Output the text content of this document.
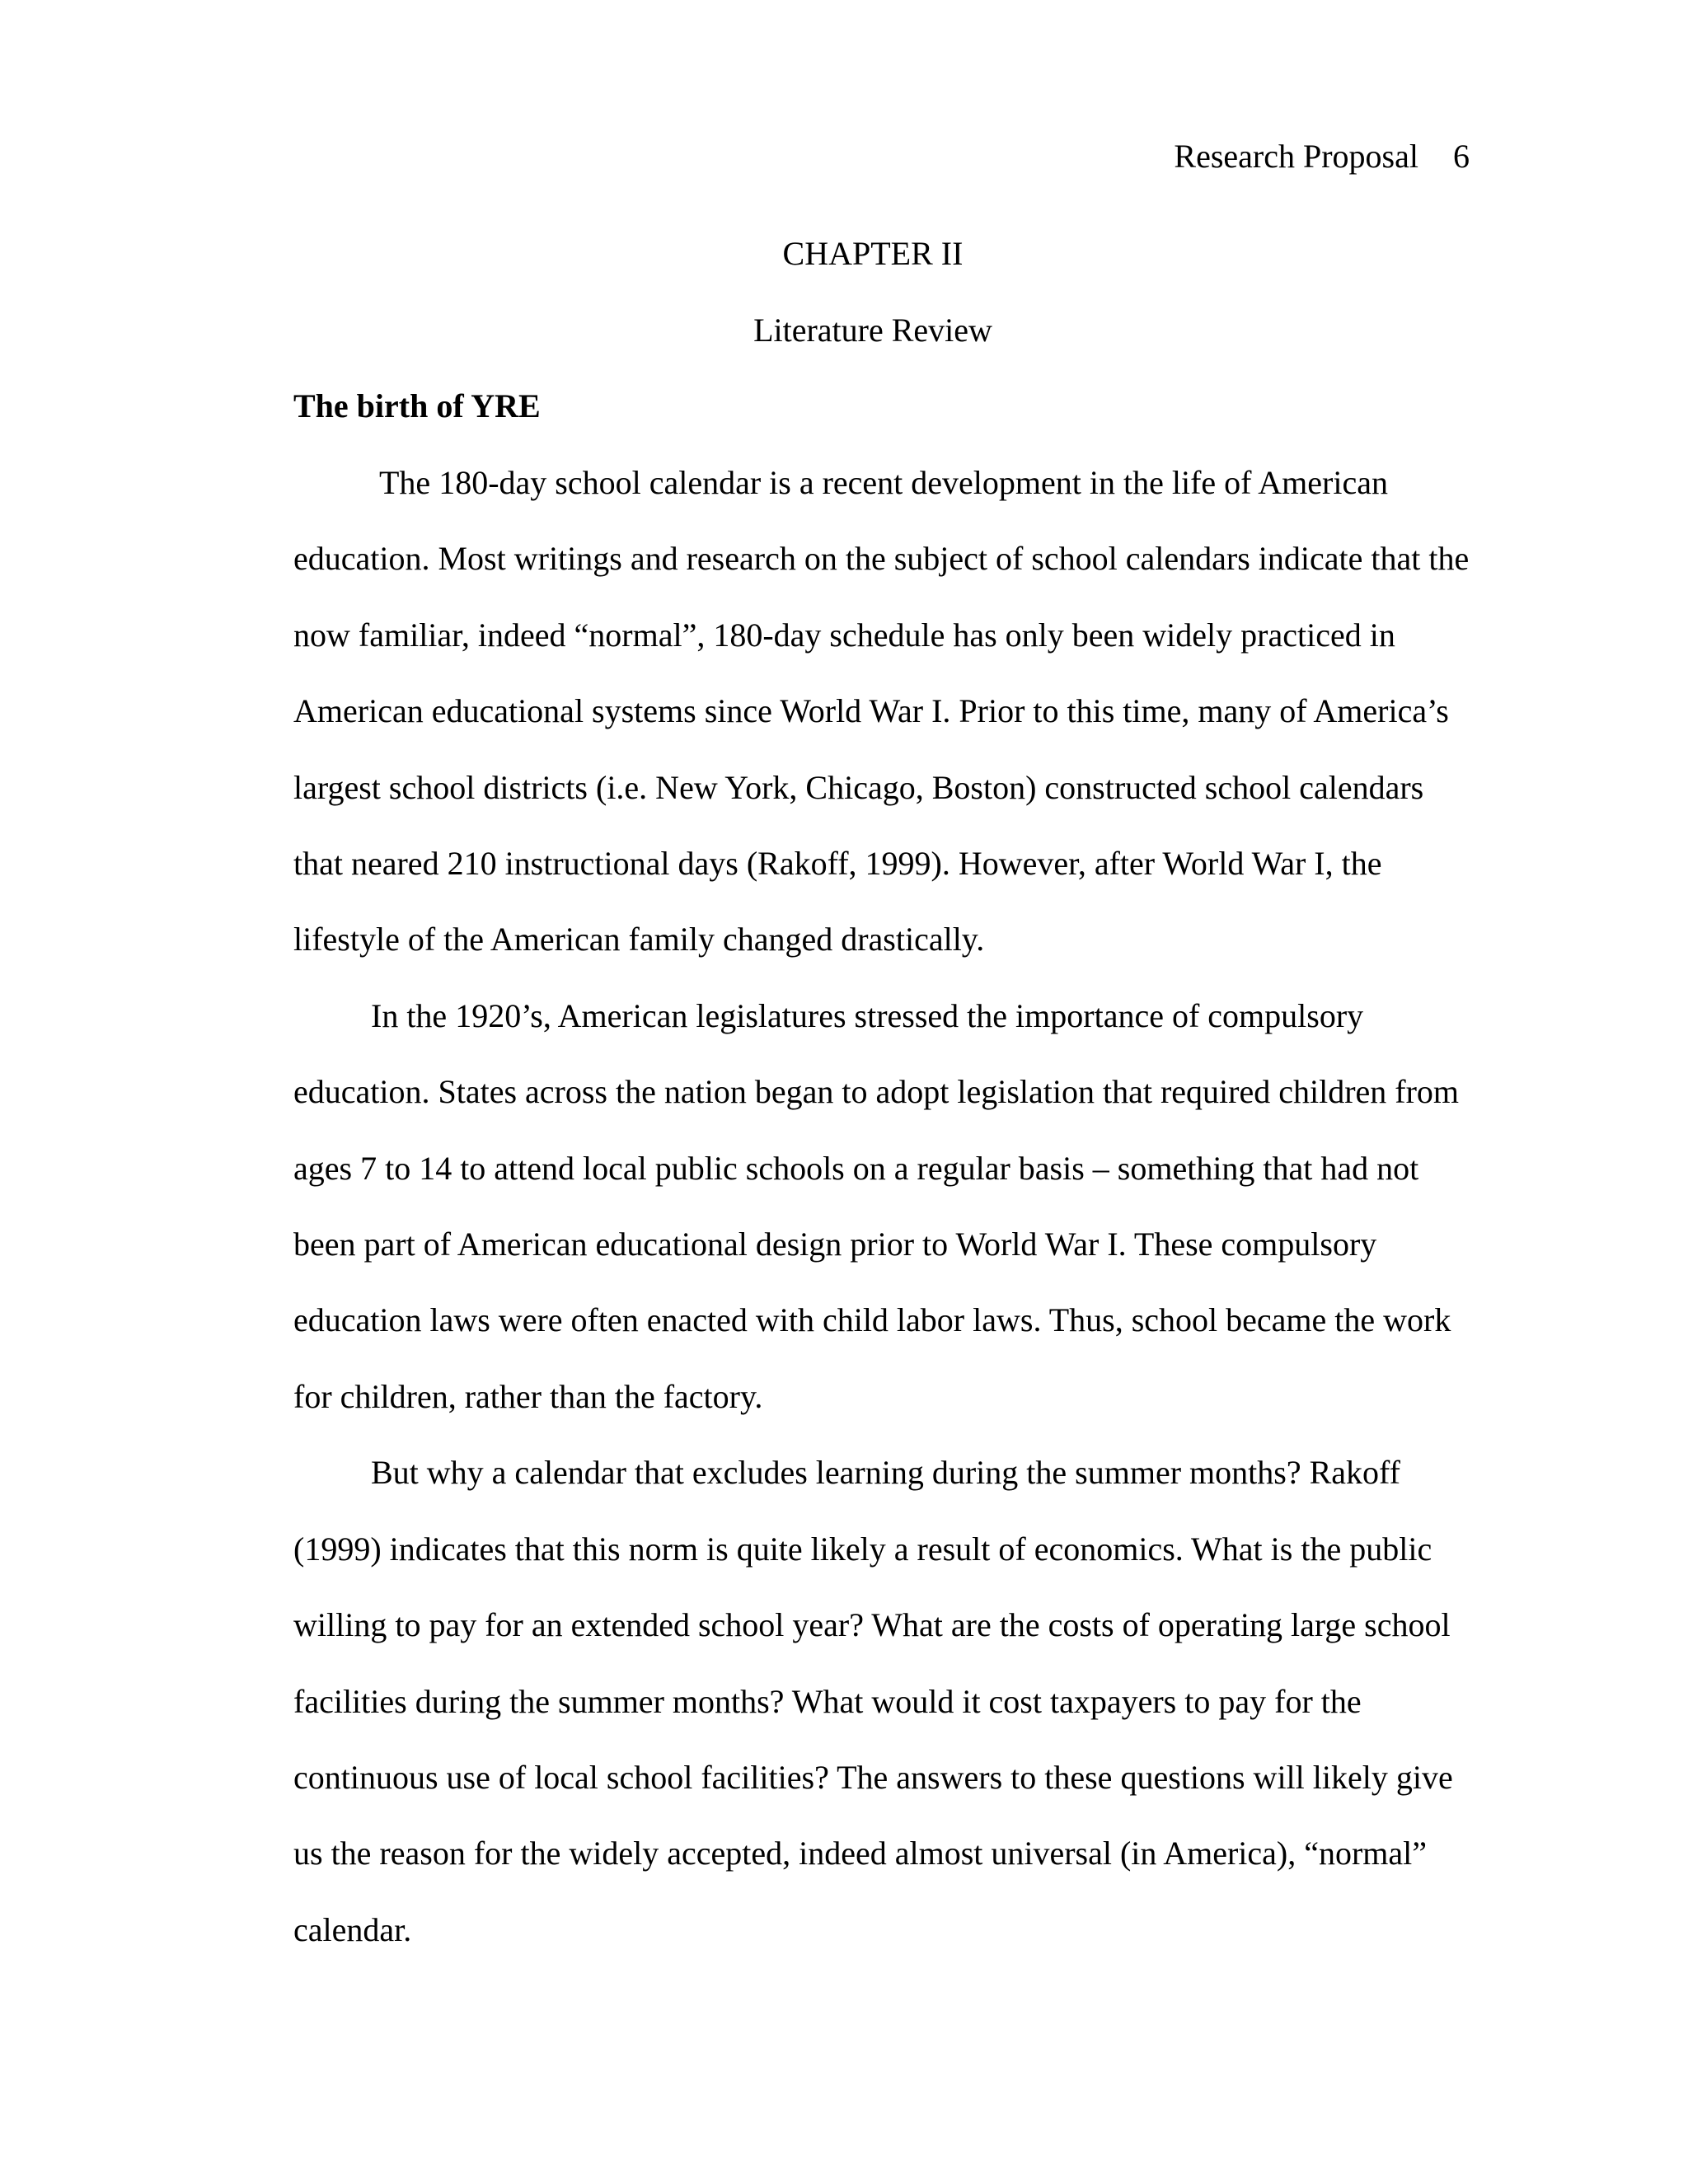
Research Proposal 6
CHAPTER II
Literature Review
The birth of YRE

The 180-day school calendar is a recent development in the life of American education. Most writings and research on the subject of school calendars indicate that the now familiar, indeed “normal”, 180-day schedule has only been widely practiced in American educational systems since World War I. Prior to this time, many of America’s largest school districts (i.e. New York, Chicago, Boston) constructed school calendars that neared 210 instructional days (Rakoff, 1999). However, after World War I, the lifestyle of the American family changed drastically.

In the 1920’s, American legislatures stressed the importance of compulsory education. States across the nation began to adopt legislation that required children from ages 7 to 14 to attend local public schools on a regular basis – something that had not been part of American educational design prior to World War I. These compulsory education laws were often enacted with child labor laws. Thus, school became the work for children, rather than the factory.

But why a calendar that excludes learning during the summer months? Rakoff (1999) indicates that this norm is quite likely a result of economics. What is the public willing to pay for an extended school year? What are the costs of operating large school facilities during the summer months? What would it cost taxpayers to pay for the continuous use of local school facilities? The answers to these questions will likely give us the reason for the widely accepted, indeed almost universal (in America), “normal” calendar.
